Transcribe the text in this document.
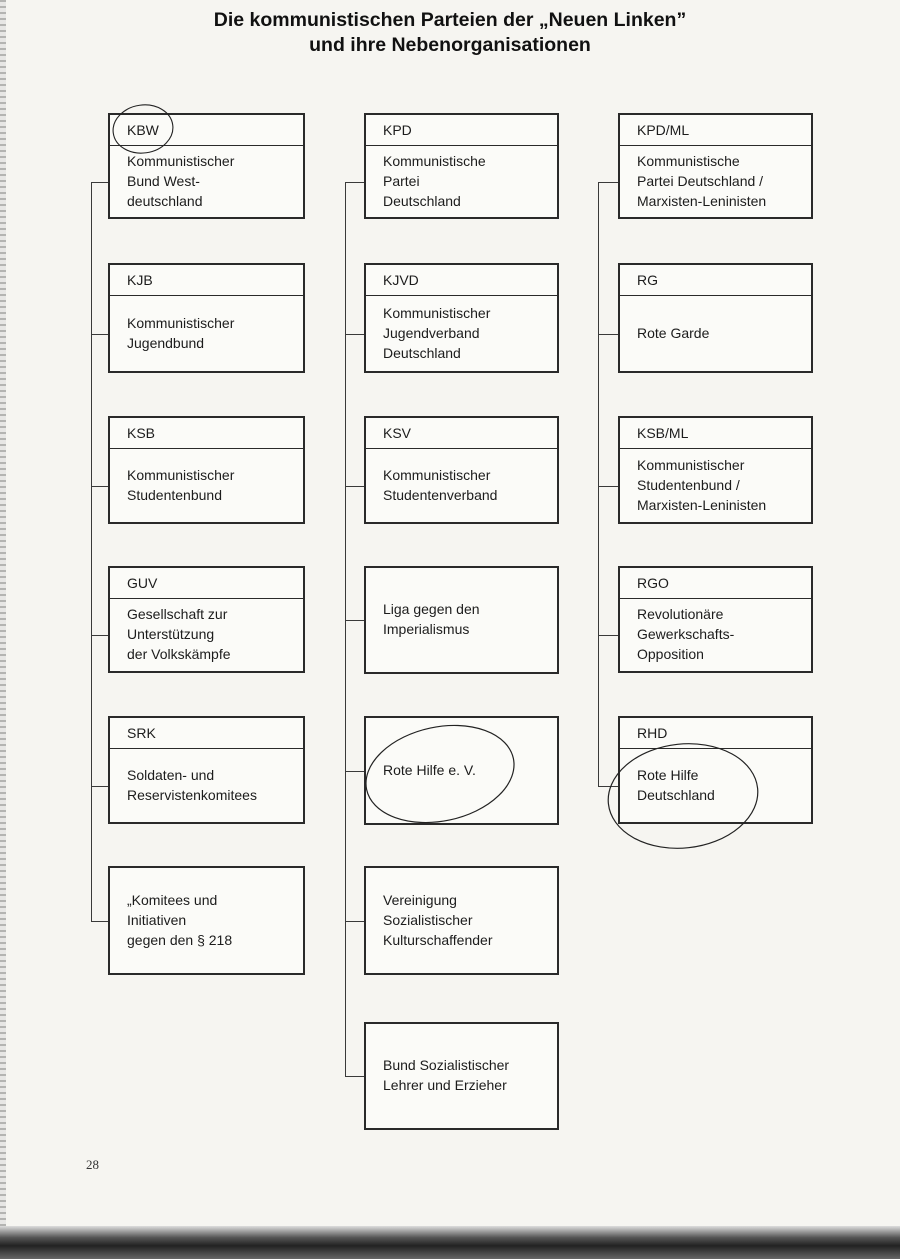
Die kommunistischen Parteien der „Neuen Linken”
und ihre Nebenorganisationen
KBW
Kommunistischer
Bund West-
deutschland
KJB
Kommunistischer
Jugendbund
KSB
Kommunistischer
Studentenbund
GUV
Gesellschaft zur
Unterstützung
der Volkskämpfe
SRK
Soldaten- und
Reservistenkomitees
„Komitees und
Initiativen
gegen den § 218
KPD
Kommunistische
Partei
Deutschland
KJVD
Kommunistischer
Jugendverband
Deutschland
KSV
Kommunistischer
Studentenverband
Liga gegen den
Imperialismus
Rote Hilfe e. V.
Vereinigung
Sozialistischer
Kulturschaffender
Bund Sozialistischer
Lehrer und Erzieher
KPD/ML
Kommunistische
Partei Deutschland /
Marxisten-Leninisten
RG
Rote Garde
KSB/ML
Kommunistischer
Studentenbund /
Marxisten-Leninisten
RGO
Revolutionäre
Gewerkschafts-
Opposition
RHD
Rote Hilfe
Deutschland
28
